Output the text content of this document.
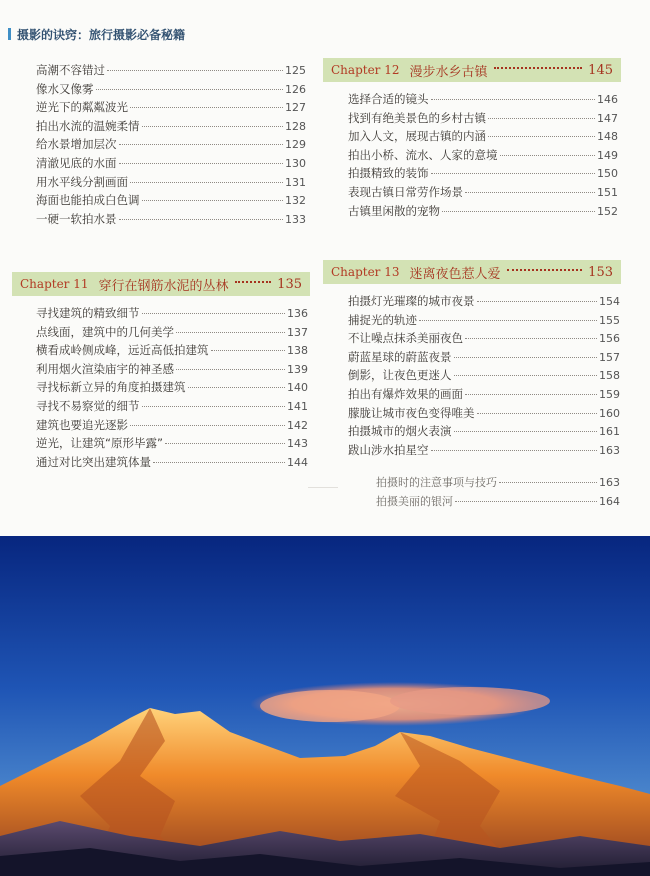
摄影的诀窍：旅行摄影必备秘籍
高潮不容错过	125
像水又像雾	126
逆光下的粼粼波光	127
拍出水流的温婉柔情	128
给水景增加层次	129
清澈见底的水面	130
用水平线分割画面	131
海面也能拍成白色调	132
一硬一软拍水景	133
Chapter 11 穿行在钢筋水泥的丛林	135
寻找建筑的精致细节	136
点线面，建筑中的几何美学	137
横看成岭侧成峰，远近高低拍建筑	138
利用烟火渲染庙宇的神圣感	139
寻找标新立异的角度拍摄建筑	140
寻找不易察觉的细节	141
建筑也要追光逐影	142
逆光，让建筑“原形毕露”	143
通过对比突出建筑体量	144
Chapter 12 漫步水乡古镇	145
选择合适的镜头	146
找到有绝美景色的乡村古镇	147
加入人文，展现古镇的内涵	148
拍出小桥、流水、人家的意境	149
拍摄精致的装饰	150
表现古镇日常劳作场景	151
古镇里闲散的宠物	152
Chapter 13 迷离夜色惹人爱	153
拍摄灯光璀璨的城市夜景	154
捕捉光的轨迹	155
不让噪点抹杀美丽夜色	156
蔚蓝星球的蔚蓝夜景	157
倒影，让夜色更迷人	158
拍出有爆炸效果的画面	159
朦胧让城市夜色变得唯美	160
拍摄城市的烟火表演	161
跋山涉水拍星空	163
拍摄时的注意事项与技巧	163
拍摄美丽的银河	164
